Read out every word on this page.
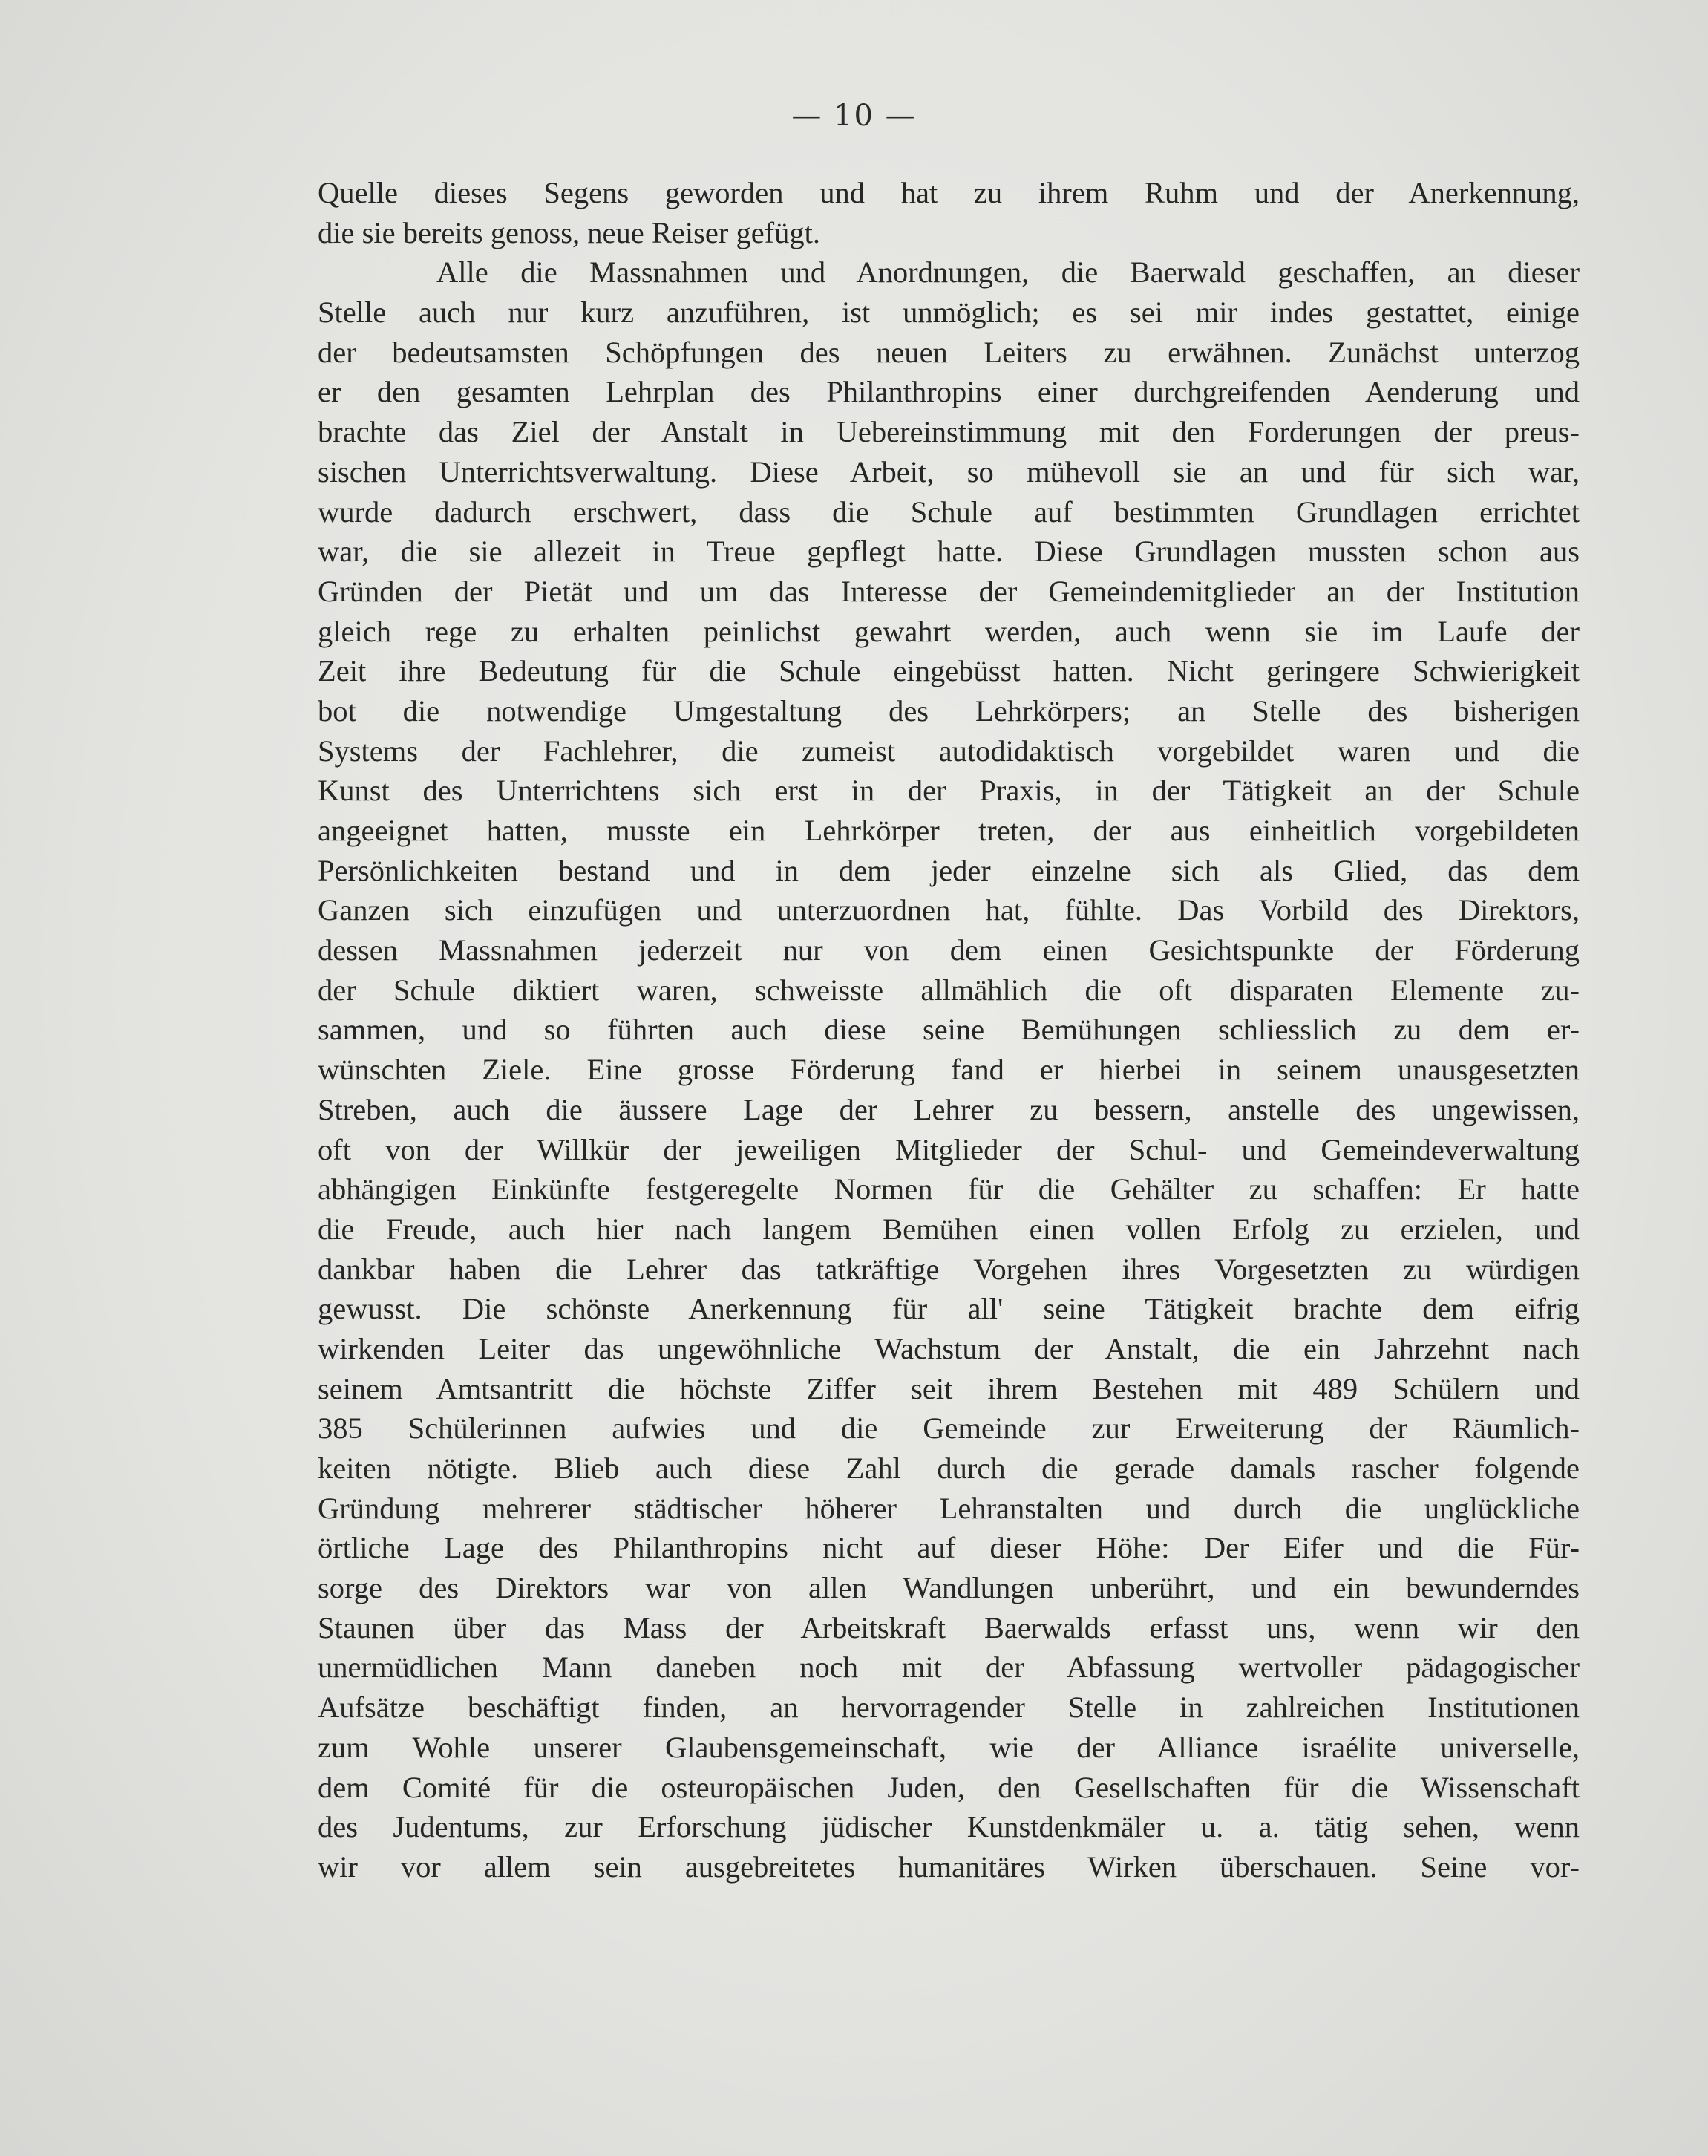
— 10 —
Quelle dieses Segens geworden und hat zu ihrem Ruhm und der Anerkennung,
die sie bereits genoss, neue Reiser gefügt.
Alle die Massnahmen und Anordnungen, die Baerwald geschaffen, an dieser
Stelle auch nur kurz anzuführen, ist unmöglich; es sei mir indes gestattet, einige
der bedeutsamsten Schöpfungen des neuen Leiters zu erwähnen. Zunächst unterzog
er den gesamten Lehrplan des Philanthropins einer durchgreifenden Aenderung und
brachte das Ziel der Anstalt in Uebereinstimmung mit den Forderungen der preus-
sischen Unterrichtsverwaltung. Diese Arbeit, so mühevoll sie an und für sich war,
wurde dadurch erschwert, dass die Schule auf bestimmten Grundlagen errichtet
war, die sie allezeit in Treue gepflegt hatte. Diese Grundlagen mussten schon aus
Gründen der Pietät und um das Interesse der Gemeindemitglieder an der Institution
gleich rege zu erhalten peinlichst gewahrt werden, auch wenn sie im Laufe der
Zeit ihre Bedeutung für die Schule eingebüsst hatten. Nicht geringere Schwierigkeit
bot die notwendige Umgestaltung des Lehrkörpers; an Stelle des bisherigen
Systems der Fachlehrer, die zumeist autodidaktisch vorgebildet waren und die
Kunst des Unterrichtens sich erst in der Praxis, in der Tätigkeit an der Schule
angeeignet hatten, musste ein Lehrkörper treten, der aus einheitlich vorgebildeten
Persönlichkeiten bestand und in dem jeder einzelne sich als Glied, das dem
Ganzen sich einzufügen und unterzuordnen hat, fühlte. Das Vorbild des Direktors,
dessen Massnahmen jederzeit nur von dem einen Gesichtspunkte der Förderung
der Schule diktiert waren, schweisste allmählich die oft disparaten Elemente zu-
sammen, und so führten auch diese seine Bemühungen schliesslich zu dem er-
wünschten Ziele. Eine grosse Förderung fand er hierbei in seinem unausgesetzten
Streben, auch die äussere Lage der Lehrer zu bessern, anstelle des ungewissen,
oft von der Willkür der jeweiligen Mitglieder der Schul- und Gemeindeverwaltung
abhängigen Einkünfte festgeregelte Normen für die Gehälter zu schaffen: Er hatte
die Freude, auch hier nach langem Bemühen einen vollen Erfolg zu erzielen, und
dankbar haben die Lehrer das tatkräftige Vorgehen ihres Vorgesetzten zu würdigen
gewusst. Die schönste Anerkennung für all' seine Tätigkeit brachte dem eifrig
wirkenden Leiter das ungewöhnliche Wachstum der Anstalt, die ein Jahrzehnt nach
seinem Amtsantritt die höchste Ziffer seit ihrem Bestehen mit 489 Schülern und
385 Schülerinnen aufwies und die Gemeinde zur Erweiterung der Räumlich-
keiten nötigte. Blieb auch diese Zahl durch die gerade damals rascher folgende
Gründung mehrerer städtischer höherer Lehranstalten und durch die unglückliche
örtliche Lage des Philanthropins nicht auf dieser Höhe: Der Eifer und die Für-
sorge des Direktors war von allen Wandlungen unberührt, und ein bewunderndes
Staunen über das Mass der Arbeitskraft Baerwalds erfasst uns, wenn wir den
unermüdlichen Mann daneben noch mit der Abfassung wertvoller pädagogischer
Aufsätze beschäftigt finden, an hervorragender Stelle in zahlreichen Institutionen
zum Wohle unserer Glaubensgemeinschaft, wie der Alliance israélite universelle,
dem Comité für die osteuropäischen Juden, den Gesellschaften für die Wissenschaft
des Judentums, zur Erforschung jüdischer Kunstdenkmäler u. a. tätig sehen, wenn
wir vor allem sein ausgebreitetes humanitäres Wirken überschauen. Seine vor-
